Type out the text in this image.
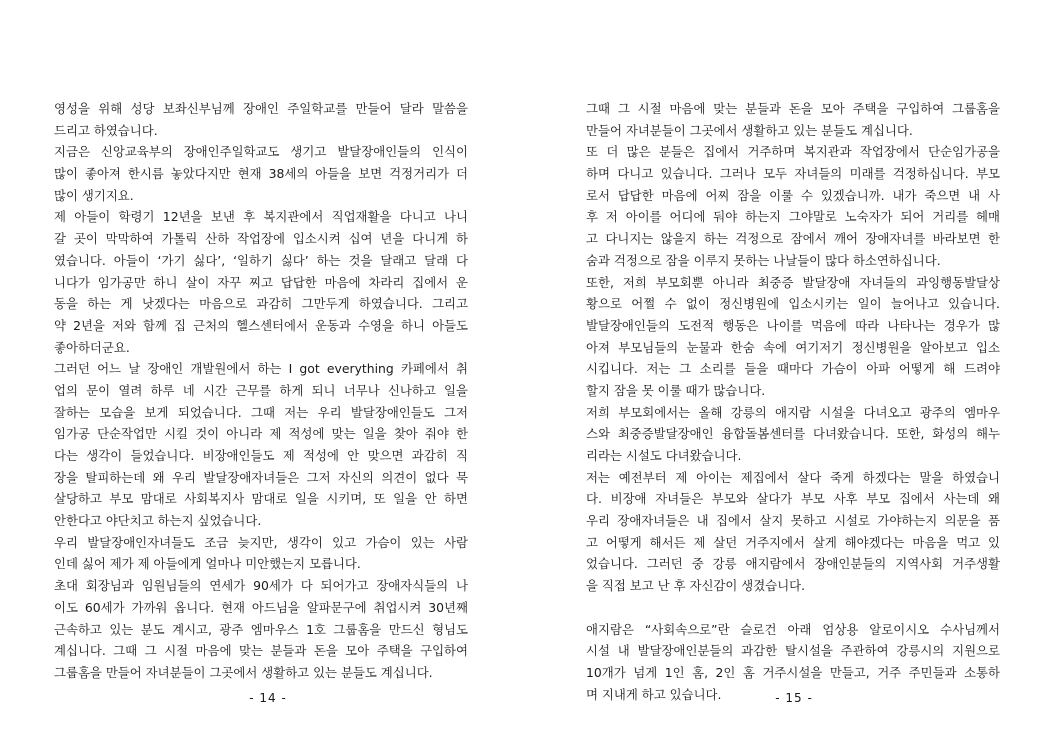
영성을 위해 성당 보좌신부님께 장애인 주일학교를 만들어 달라 말씀을
드리고 하였습니다.
지금은 신앙교육부의 장애인주일학교도 생기고 발달장애인들의 인식이
많이 좋아져 한시름 놓았다지만 현재 38세의 아들을 보면 걱정거리가 더
많이 생기지요.
제 아들이 학령기 12년을 보낸 후 복지관에서 직업재활을 다니고 나니
갈 곳이 막막하여 가톨릭 산하 작업장에 입소시켜 십여 년을 다니게 하
였습니다. 아들이 ‘가기 싫다’, ‘일하기 싫다’ 하는 것을 달래고 달래 다
니다가 임가공만 하니 살이 자꾸 찌고 답답한 마음에 차라리 집에서 운
동을 하는 게 낫겠다는 마음으로 과감히 그만두게 하였습니다. 그리고
약 2년을 저와 함께 집 근처의 헬스센터에서 운동과 수영을 하니 아들도
좋아하더군요.
그러던 어느 날 장애인 개발원에서 하는 I got everything 카페에서 취
업의 문이 열려 하루 네 시간 근무를 하게 되니 너무나 신나하고 일을
잘하는 모습을 보게 되었습니다. 그때 저는 우리 발달장애인들도 그저
임가공 단순작업만 시킬 것이 아니라 제 적성에 맞는 일을 찾아 줘야 한
다는 생각이 들었습니다. 비장애인들도 제 적성에 안 맞으면 과감히 직
장을 탈피하는데 왜 우리 발달장애자녀들은 그저 자신의 의견이 없다 묵
살당하고 부모 맘대로 사회복지사 맘대로 일을 시키며, 또 일을 안 하면
안한다고 야단치고 하는지 싶었습니다.
우리 발달장애인자녀들도 조금 늦지만, 생각이 있고 가슴이 있는 사람
인데 싫어 제가 제 아들에게 얼마나 미안했는지 모릅니다.
초대 회장님과 임원님들의 연세가 90세가 다 되어가고 장애자식들의 나
이도 60세가 가까워 옵니다. 현재 아드님을 알파문구에 취업시켜 30년째
근속하고 있는 분도 계시고, 광주 엠마우스 1호 그룹홈을 만드신 형님도
계십니다. 그때 그 시절 마음에 맞는 분들과 돈을 모아 주택을 구입하여
그룹홈을 만들어 자녀분들이 그곳에서 생활하고 있는 분들도 계십니다.
- 14 -
그때 그 시절 마음에 맞는 분들과 돈을 모아 주택을 구입하여 그룹홈을
만들어 자녀분들이 그곳에서 생활하고 있는 분들도 계십니다.
또 더 많은 분들은 집에서 거주하며 복지관과 작업장에서 단순임가공을
하며 다니고 있습니다. 그러나 모두 자녀들의 미래를 걱정하십니다. 부모
로서 답답한 마음에 어찌 잠을 이룰 수 있겠습니까. 내가 죽으면 내 사
후 저 아이를 어디에 둬야 하는지 그야말로 노숙자가 되어 거리를 헤매
고 다니지는 않을지 하는 걱정으로 잠에서 깨어 장애자녀를 바라보면 한
숨과 걱정으로 잠을 이루지 못하는 나날들이 많다 하소연하십니다.
또한, 저희 부모회뿐 아니라 최중증 발달장애 자녀들의 과잉행동발달상
황으로 어쩔 수 없이 정신병원에 입소시키는 일이 늘어나고 있습니다.
발달장애인들의 도전적 행동은 나이를 먹음에 따라 나타나는 경우가 많
아져 부모님들의 눈물과 한숨 속에 여기저기 정신병원을 알아보고 입소
시킵니다. 저는 그 소리를 들을 때마다 가슴이 아파 어떻게 해 드려야
할지 잠을 못 이룰 때가 많습니다.
저희 부모회에서는 올해 강릉의 애지람 시설을 다녀오고 광주의 엠마우
스와 최중증발달장애인 융합돌봄센터를 다녀왔습니다. 또한, 화성의 해누
리라는 시설도 다녀왔습니다.
저는 예전부터 제 아이는 제집에서 살다 죽게 하겠다는 말을 하였습니
다. 비장애 자녀들은 부모와 살다가 부모 사후 부모 집에서 사는데 왜
우리 장애자녀들은 내 집에서 살지 못하고 시설로 가야하는지 의문을 품
고 어떻게 해서든 제 살던 거주지에서 살게 해야겠다는 마음을 먹고 있
었습니다. 그러던 중 강릉 애지람에서 장애인분들의 지역사회 거주생활
을 직접 보고 난 후 자신감이 생겼습니다.
애지람은 “사회속으로”란 슬로건 아래 엄상용 알로이시오 수사님께서
시설 내 발달장애인분들의 과감한 탈시설을 주관하여 강릉시의 지원으로
10개가 넘게 1인 홈, 2인 홈 거주시설을 만들고, 거주 주민들과 소통하
며 지내게 하고 있습니다.	- 15 -
